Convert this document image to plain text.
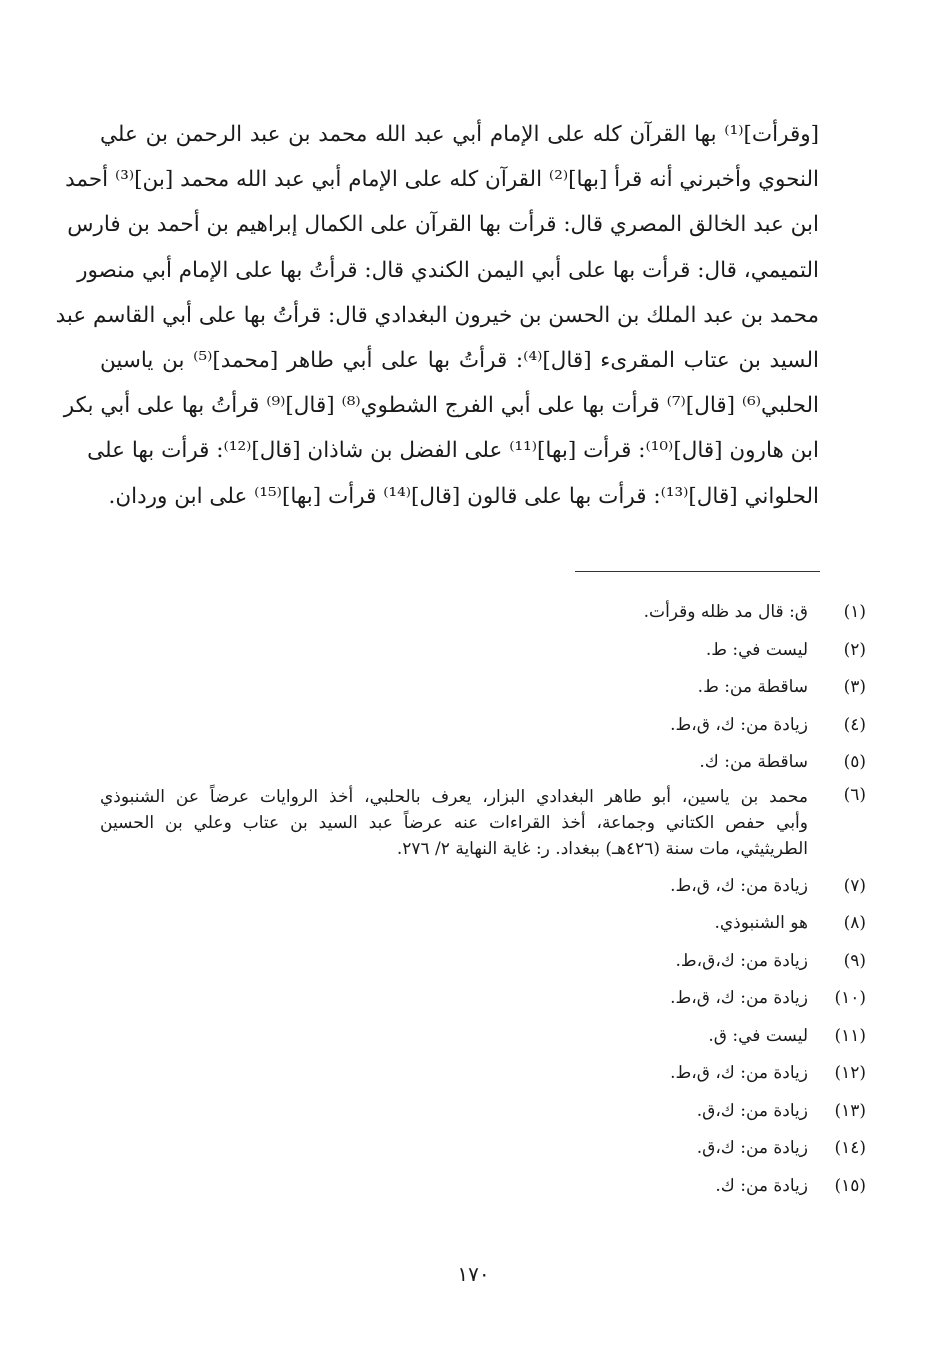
[وقرأت]⁽¹⁾ بها القرآن كله على الإمام أبي عبد الله محمد بن عبد الرحمن بن علي
النحوي وأخبرني أنه قرأ [بها]⁽²⁾ القرآن كله على الإمام أبي عبد الله محمد [بن]⁽³⁾ أحمد
ابن عبد الخالق المصري قال: قرأت بها القرآن على الكمال إبراهيم بن أحمد بن فارس
التميمي، قال: قرأت بها على أبي اليمن الكندي قال: قرأتُ بها على الإمام أبي منصور
محمد بن عبد الملك بن الحسن بن خيرون البغدادي قال: قرأتُ بها على أبي القاسم عبد
السيد بن عتاب المقرىء [قال]⁽⁴⁾: قرأتُ بها على أبي طاهر [محمد]⁽⁵⁾ بن ياسين
الحلبي⁽⁶⁾ [قال]⁽⁷⁾ قرأت بها على أبي الفرج الشطوي⁽⁸⁾ [قال]⁽⁹⁾ قرأتُ بها على أبي بكر
ابن هارون [قال]⁽¹⁰⁾: قرأت [بها]⁽¹¹⁾ على الفضل بن شاذان [قال]⁽¹²⁾: قرأت بها على
الحلواني [قال]⁽¹³⁾: قرأت بها على قالون [قال]⁽¹⁴⁾ قرأت [بها]⁽¹⁵⁾ على ابن وردان.
(١)
ق: قال مد ظله وقرأت.
(٢)
ليست في: ط.
(٣)
ساقطة من: ط.
(٤)
زيادة من: ك، ق،ط.
(٥)
ساقطة من: ك.
(٦)
محمد بن ياسين، أبو طاهر البغدادي البزار، يعرف بالحلبي، أخذ الروايات عرضاً عن الشنبوذي
وأبي حفص الكتاني وجماعة، أخذ القراءات عنه عرضاً عبد السيد بن عتاب وعلي بن الحسين
الطريثيثي، مات سنة (٤٢٦هـ) ببغداد. ر: غاية النهاية ٢/ ٢٧٦.
(٧)
زيادة من: ك، ق،ط.
(٨)
هو الشنبوذي.
(٩)
زيادة من: ك،ق،ط.
(١٠)
زيادة من: ك، ق،ط.
(١١)
ليست في: ق.
(١٢)
زيادة من: ك، ق،ط.
(١٣)
زيادة من: ك،ق.
(١٤)
زيادة من: ك،ق.
(١٥)
زيادة من: ك.
١٧٠
